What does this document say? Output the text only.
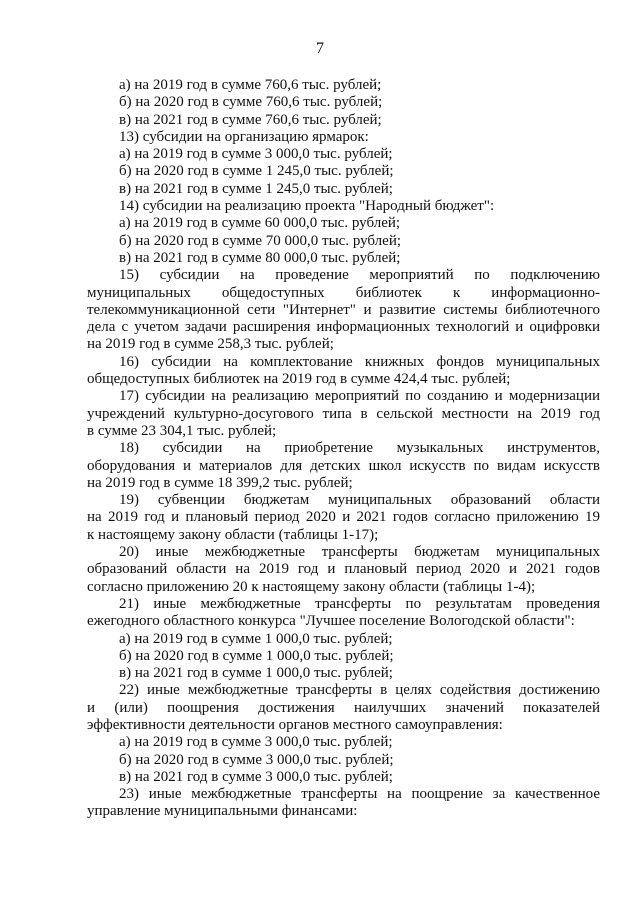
7
а) на 2019 год в сумме 760,6 тыс. рублей;
б) на 2020 год в сумме 760,6 тыс. рублей;
в) на 2021 год в сумме 760,6 тыс. рублей;
13) субсидии на организацию ярмарок:
а) на 2019 год в сумме 3 000,0 тыс. рублей;
б) на 2020 год в сумме 1 245,0 тыс. рублей;
в) на 2021 год в сумме 1 245,0 тыс. рублей;
14) субсидии на реализацию проекта "Народный бюджет":
а) на 2019 год в сумме 60 000,0 тыс. рублей;
б) на 2020 год в сумме 70 000,0 тыс. рублей;
в) на 2021 год в сумме 80 000,0 тыс. рублей;
15) субсидии на проведение мероприятий по подключению
муниципальных общедоступных библиотек к информационно-
телекоммуникационной сети "Интернет" и развитие системы библиотечного
дела с учетом задачи расширения информационных технологий и оцифровки
на 2019 год в сумме 258,3 тыс. рублей;
16) субсидии на комплектование книжных фондов муниципальных
общедоступных библиотек на 2019 год в сумме 424,4 тыс. рублей;
17) субсидии на реализацию мероприятий по созданию и модернизации
учреждений культурно-досугового типа в сельской местности на 2019 год
в сумме 23 304,1 тыс. рублей;
18) субсидии на приобретение музыкальных инструментов,
оборудования и материалов для детских школ искусств по видам искусств
на 2019 год в сумме 18 399,2 тыс. рублей;
19) субвенции бюджетам муниципальных образований области
на 2019 год и плановый период 2020 и 2021 годов согласно приложению 19
к настоящему закону области (таблицы 1-17);
20) иные межбюджетные трансферты бюджетам муниципальных
образований области на 2019 год и плановый период 2020 и 2021 годов
согласно приложению 20 к настоящему закону области (таблицы 1-4);
21) иные межбюджетные трансферты по результатам проведения
ежегодного областного конкурса "Лучшее поселение Вологодской области":
а) на 2019 год в сумме 1 000,0 тыс. рублей;
б) на 2020 год в сумме 1 000,0 тыс. рублей;
в) на 2021 год в сумме 1 000,0 тыс. рублей;
22) иные межбюджетные трансферты в целях содействия достижению
и (или) поощрения достижения наилучших значений показателей
эффективности деятельности органов местного самоуправления:
а) на 2019 год в сумме 3 000,0 тыс. рублей;
б) на 2020 год в сумме 3 000,0 тыс. рублей;
в) на 2021 год в сумме 3 000,0 тыс. рублей;
23) иные межбюджетные трансферты на поощрение за качественное
управление муниципальными финансами:
